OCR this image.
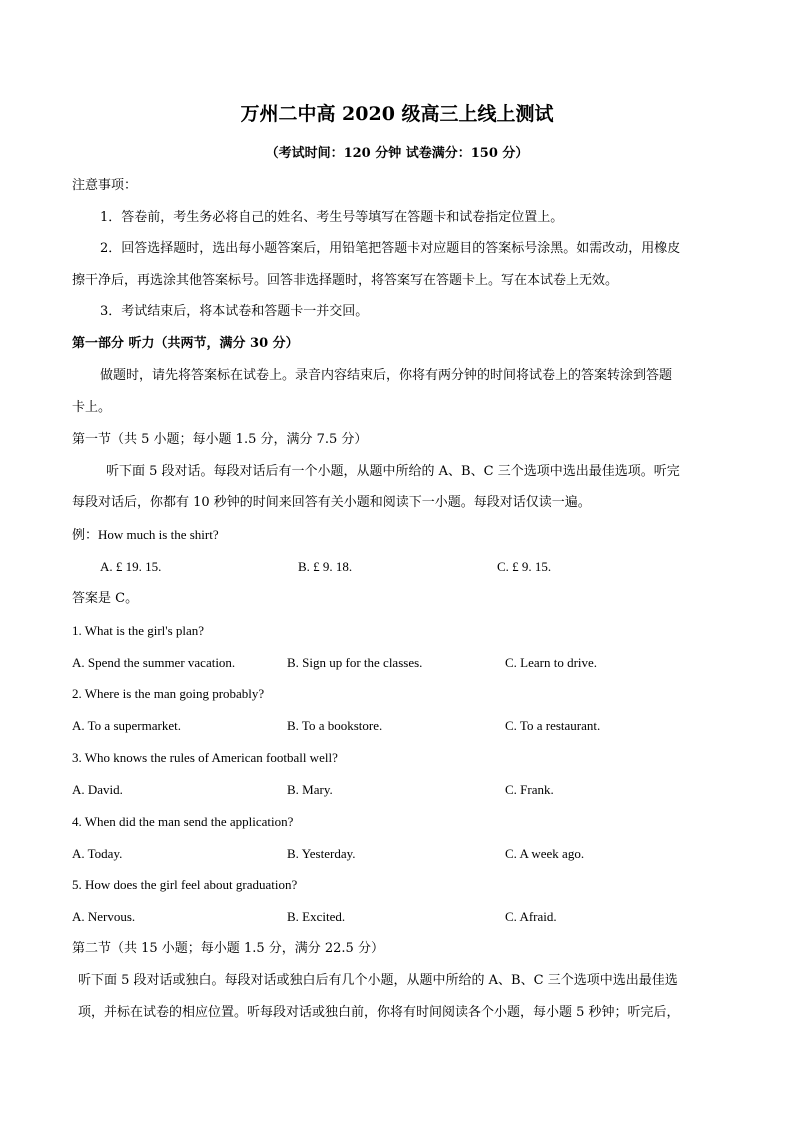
万州二中高 2020 级高三上线上测试
（考试时间：120 分钟 试卷满分：150 分）
注意事项：
1．答卷前，考生务必将自己的姓名、考生号等填写在答题卡和试卷指定位置上。
2．回答选择题时，选出每小题答案后，用铅笔把答题卡对应题目的答案标号涂黑。如需改动，用橡皮
擦干净后，再选涂其他答案标号。回答非选择题时，将答案写在答题卡上。写在本试卷上无效。
3．考试结束后，将本试卷和答题卡一并交回。
第一部分 听力（共两节，满分 30 分）
做题时，请先将答案标在试卷上。录音内容结束后，你将有两分钟的时间将试卷上的答案转涂到答题
卡上。
第一节（共 5 小题；每小题 1.5 分，满分 7.5 分）
听下面 5 段对话。每段对话后有一个小题，从题中所给的 A、B、C 三个选项中选出最佳选项。听完
每段对话后，你都有 10 秒钟的时间来回答有关小题和阅读下一小题。每段对话仅读一遍。
例：How much is the shirt?
A. £ 19. 15.	B. £ 9. 18.	C. £ 9. 15.
答案是 C。
1. What is the girl's plan?
A. Spend the summer vacation.	B. Sign up for the classes.	C. Learn to drive.
2. Where is the man going probably?
A. To a supermarket.	B. To a bookstore.	C. To a restaurant.
3. Who knows the rules of American football well?
A. David.	B. Mary.	C. Frank.
4. When did the man send the application?
A. Today.	B. Yesterday.	C. A week ago.
5. How does the girl feel about graduation?
A. Nervous.	B. Excited.	C. Afraid.
第二节（共 15 小题；每小题 1.5 分，满分 22.5 分）
听下面 5 段对话或独白。每段对话或独白后有几个小题，从题中所给的 A、B、C 三个选项中选出最佳选
项，并标在试卷的相应位置。听每段对话或独白前，你将有时间阅读各个小题，每小题 5 秒钟；听完后，
